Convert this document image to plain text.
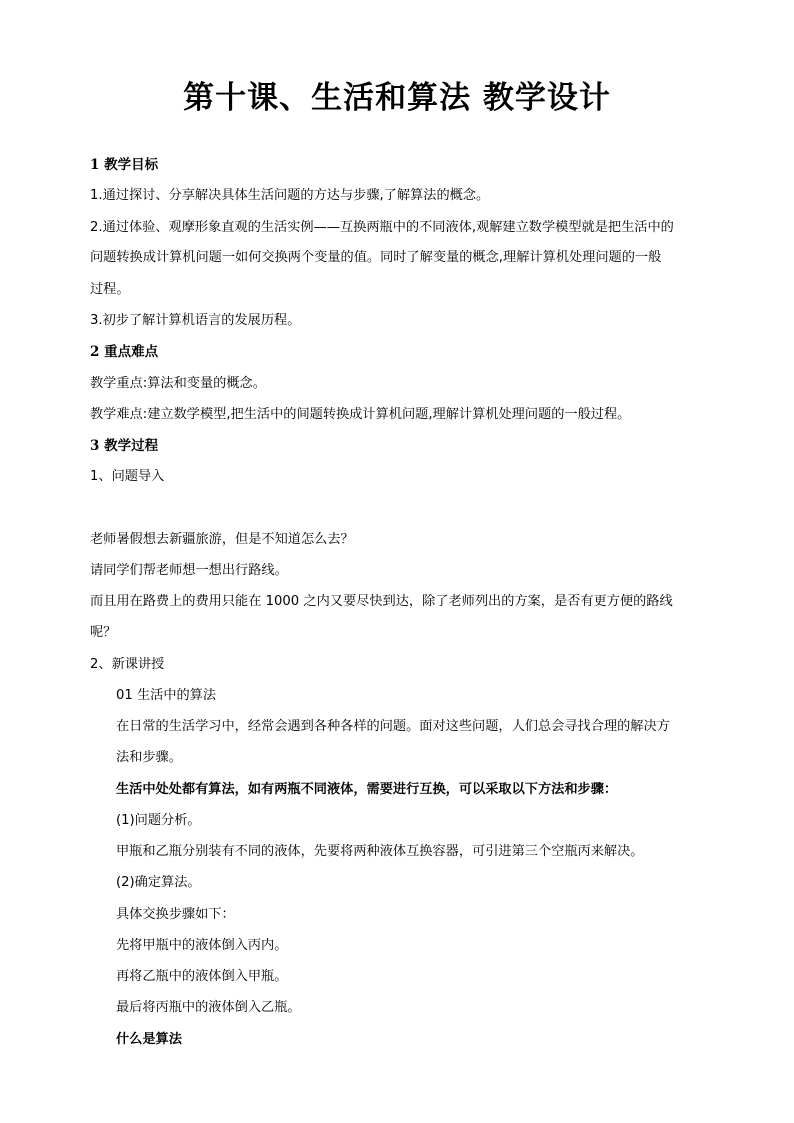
第十课、生活和算法 教学设计

1 教学目标

1.通过探讨、分享解决具体生活问题的方达与步骤,了解算法的概念。

2.通过体验、观摩形象直观的生活实例——互换两瓶中的不同液体,观解建立数学模型就是把生活中的

问题转换成计算机问题一如何交换两个变量的值。同时了解变量的概念,理解计算机处理问题的一般

过程。

3.初步了解计算机语言的发展历程。

2 重点难点

教学重点:算法和变量的概念。

教学难点:建立数学模型,把生活中的间题转换成计算机问题,理解计算机处理问题的一般过程。

3 教学过程

1、问题导入

老师暑假想去新疆旅游，但是不知道怎么去？

请同学们帮老师想一想出行路线。

而且用在路费上的费用只能在 1000 之内又要尽快到达，除了老师列出的方案，是否有更方便的路线

呢？

2、新课讲授

01 生活中的算法

在日常的生活学习中，经常会遇到各种各样的问题。面对这些问题，人们总会寻找合理的解决方

法和步骤。

生活中处处都有算法，如有两瓶不同液体，需要进行互换，可以采取以下方法和步骤：

(1)问题分析。

甲瓶和乙瓶分别装有不同的液体，先要将两种液体互换容器，可引进第三个空瓶丙来解决。

(2)确定算法。

具体交换步骤如下：

先将甲瓶中的液体倒入丙内。

再将乙瓶中的液体倒入甲瓶。

最后将丙瓶中的液体倒入乙瓶。

什么是算法
